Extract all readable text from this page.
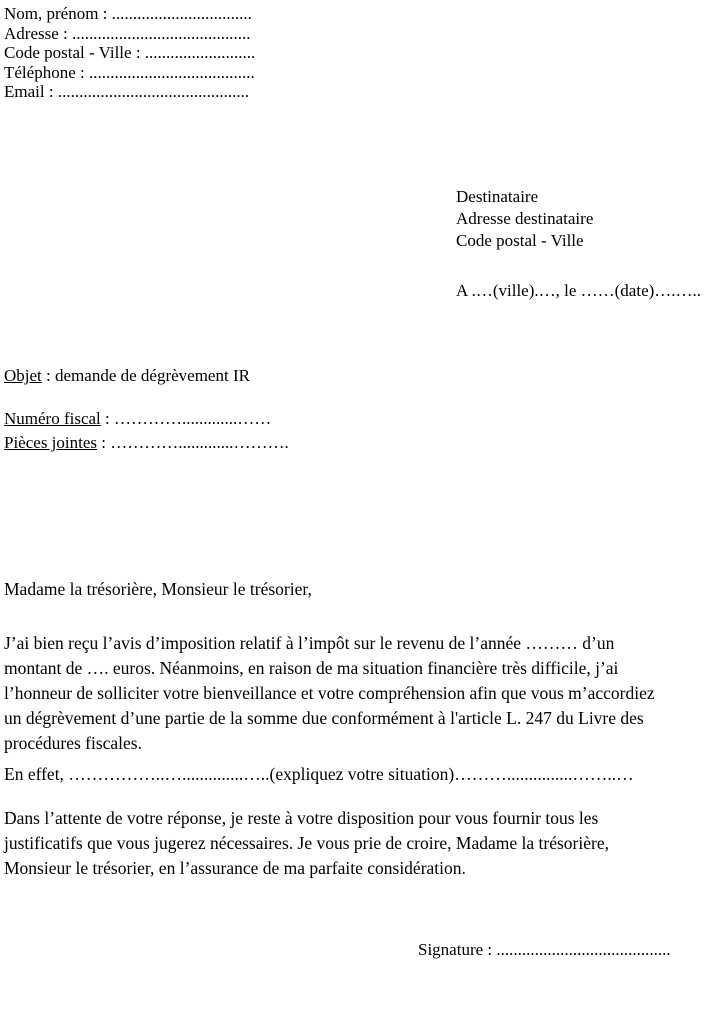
Nom, prénom : .................................
Adresse : ..........................................
Code postal - Ville : ..........................
Téléphone : .......................................
Email : .............................................
Destinataire
Adresse destinataire
Code postal - Ville
A .…(ville).…, le ……(date)….…..
Objet : demande de dégrèvement IR
Numéro fiscal : ………….............……
Pièces jointes : ………….............……….
Madame la trésorière, Monsieur le trésorier,
J’ai bien reçu l’avis d’imposition relatif à l’impôt sur le revenu de l’année ……… d’un
montant de …. euros. Néanmoins, en raison de ma situation financière très difficile, j’ai
l’honneur de solliciter votre bienveillance et votre compréhension afin que vous m’accordiez
un dégrèvement d’une partie de la somme due conformément à l'article L. 247 du Livre des
procédures fiscales.
En effet, ……………..…..............…..(expliquez votre situation)………...............……..…
Dans l’attente de votre réponse, je reste à votre disposition pour vous fournir tous les
justificatifs que vous jugerez nécessaires. Je vous prie de croire, Madame la trésorière,
Monsieur le trésorier, en l’assurance de ma parfaite considération.
Signature : .........................................
